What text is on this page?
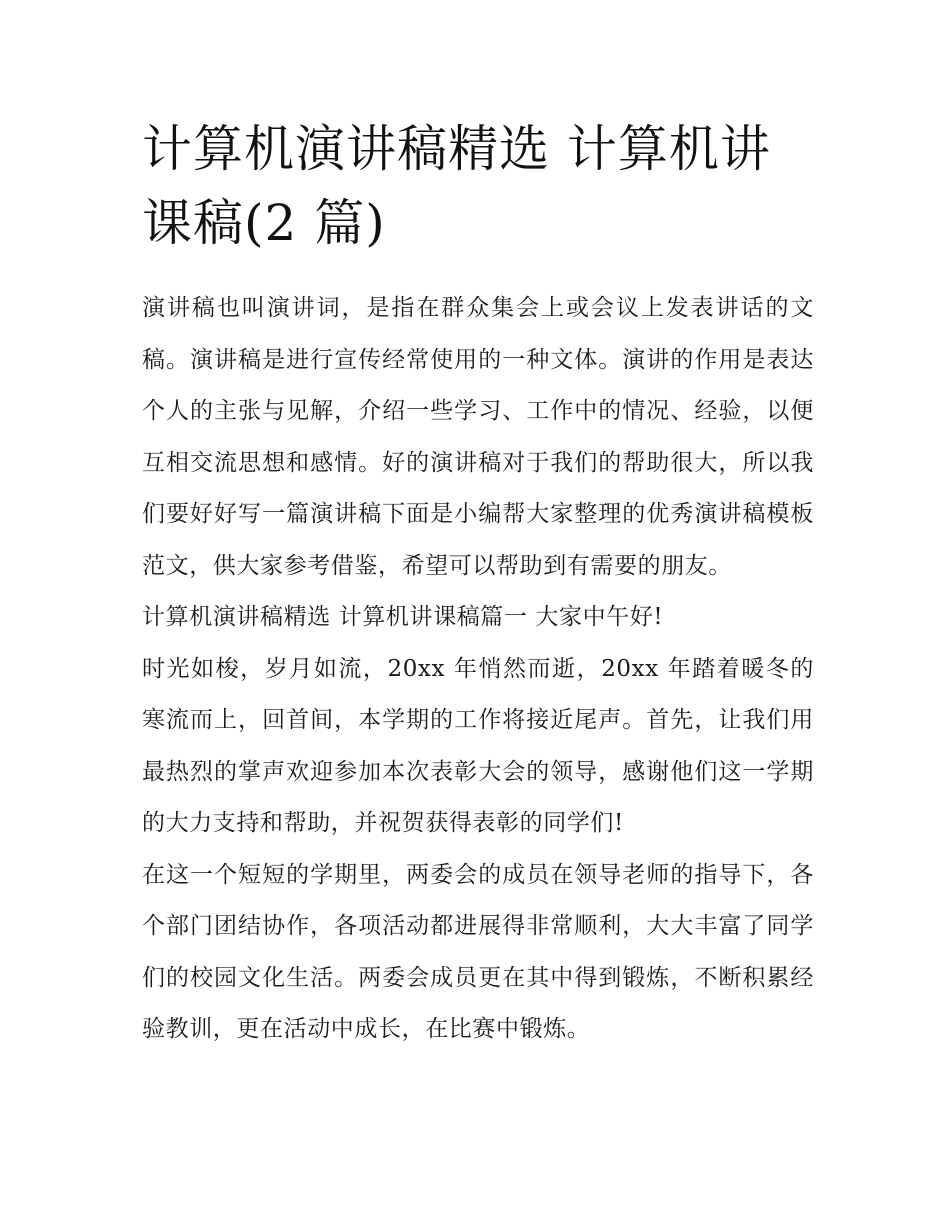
计算机演讲稿精选 计算机讲课稿(2 篇)

演讲稿也叫演讲词，是指在群众集会上或会议上发表讲话的文稿。演讲稿是进行宣传经常使用的一种文体。演讲的作用是表达个人的主张与见解，介绍一些学习、工作中的情况、经验，以便互相交流思想和感情。好的演讲稿对于我们的帮助很大，所以我们要好好写一篇演讲稿下面是小编帮大家整理的优秀演讲稿模板范文，供大家参考借鉴，希望可以帮助到有需要的朋友。

计算机演讲稿精选 计算机讲课稿篇一 大家中午好!

时光如梭，岁月如流，20xx 年悄然而逝，20xx 年踏着暖冬的寒流而上，回首间，本学期的工作将接近尾声。首先，让我们用最热烈的掌声欢迎参加本次表彰大会的领导，感谢他们这一学期的大力支持和帮助，并祝贺获得表彰的同学们!

在这一个短短的学期里，两委会的成员在领导老师的指导下，各个部门团结协作，各项活动都进展得非常顺利，大大丰富了同学们的校园文化生活。两委会成员更在其中得到锻炼，不断积累经验教训，更在活动中成长，在比赛中锻炼。
